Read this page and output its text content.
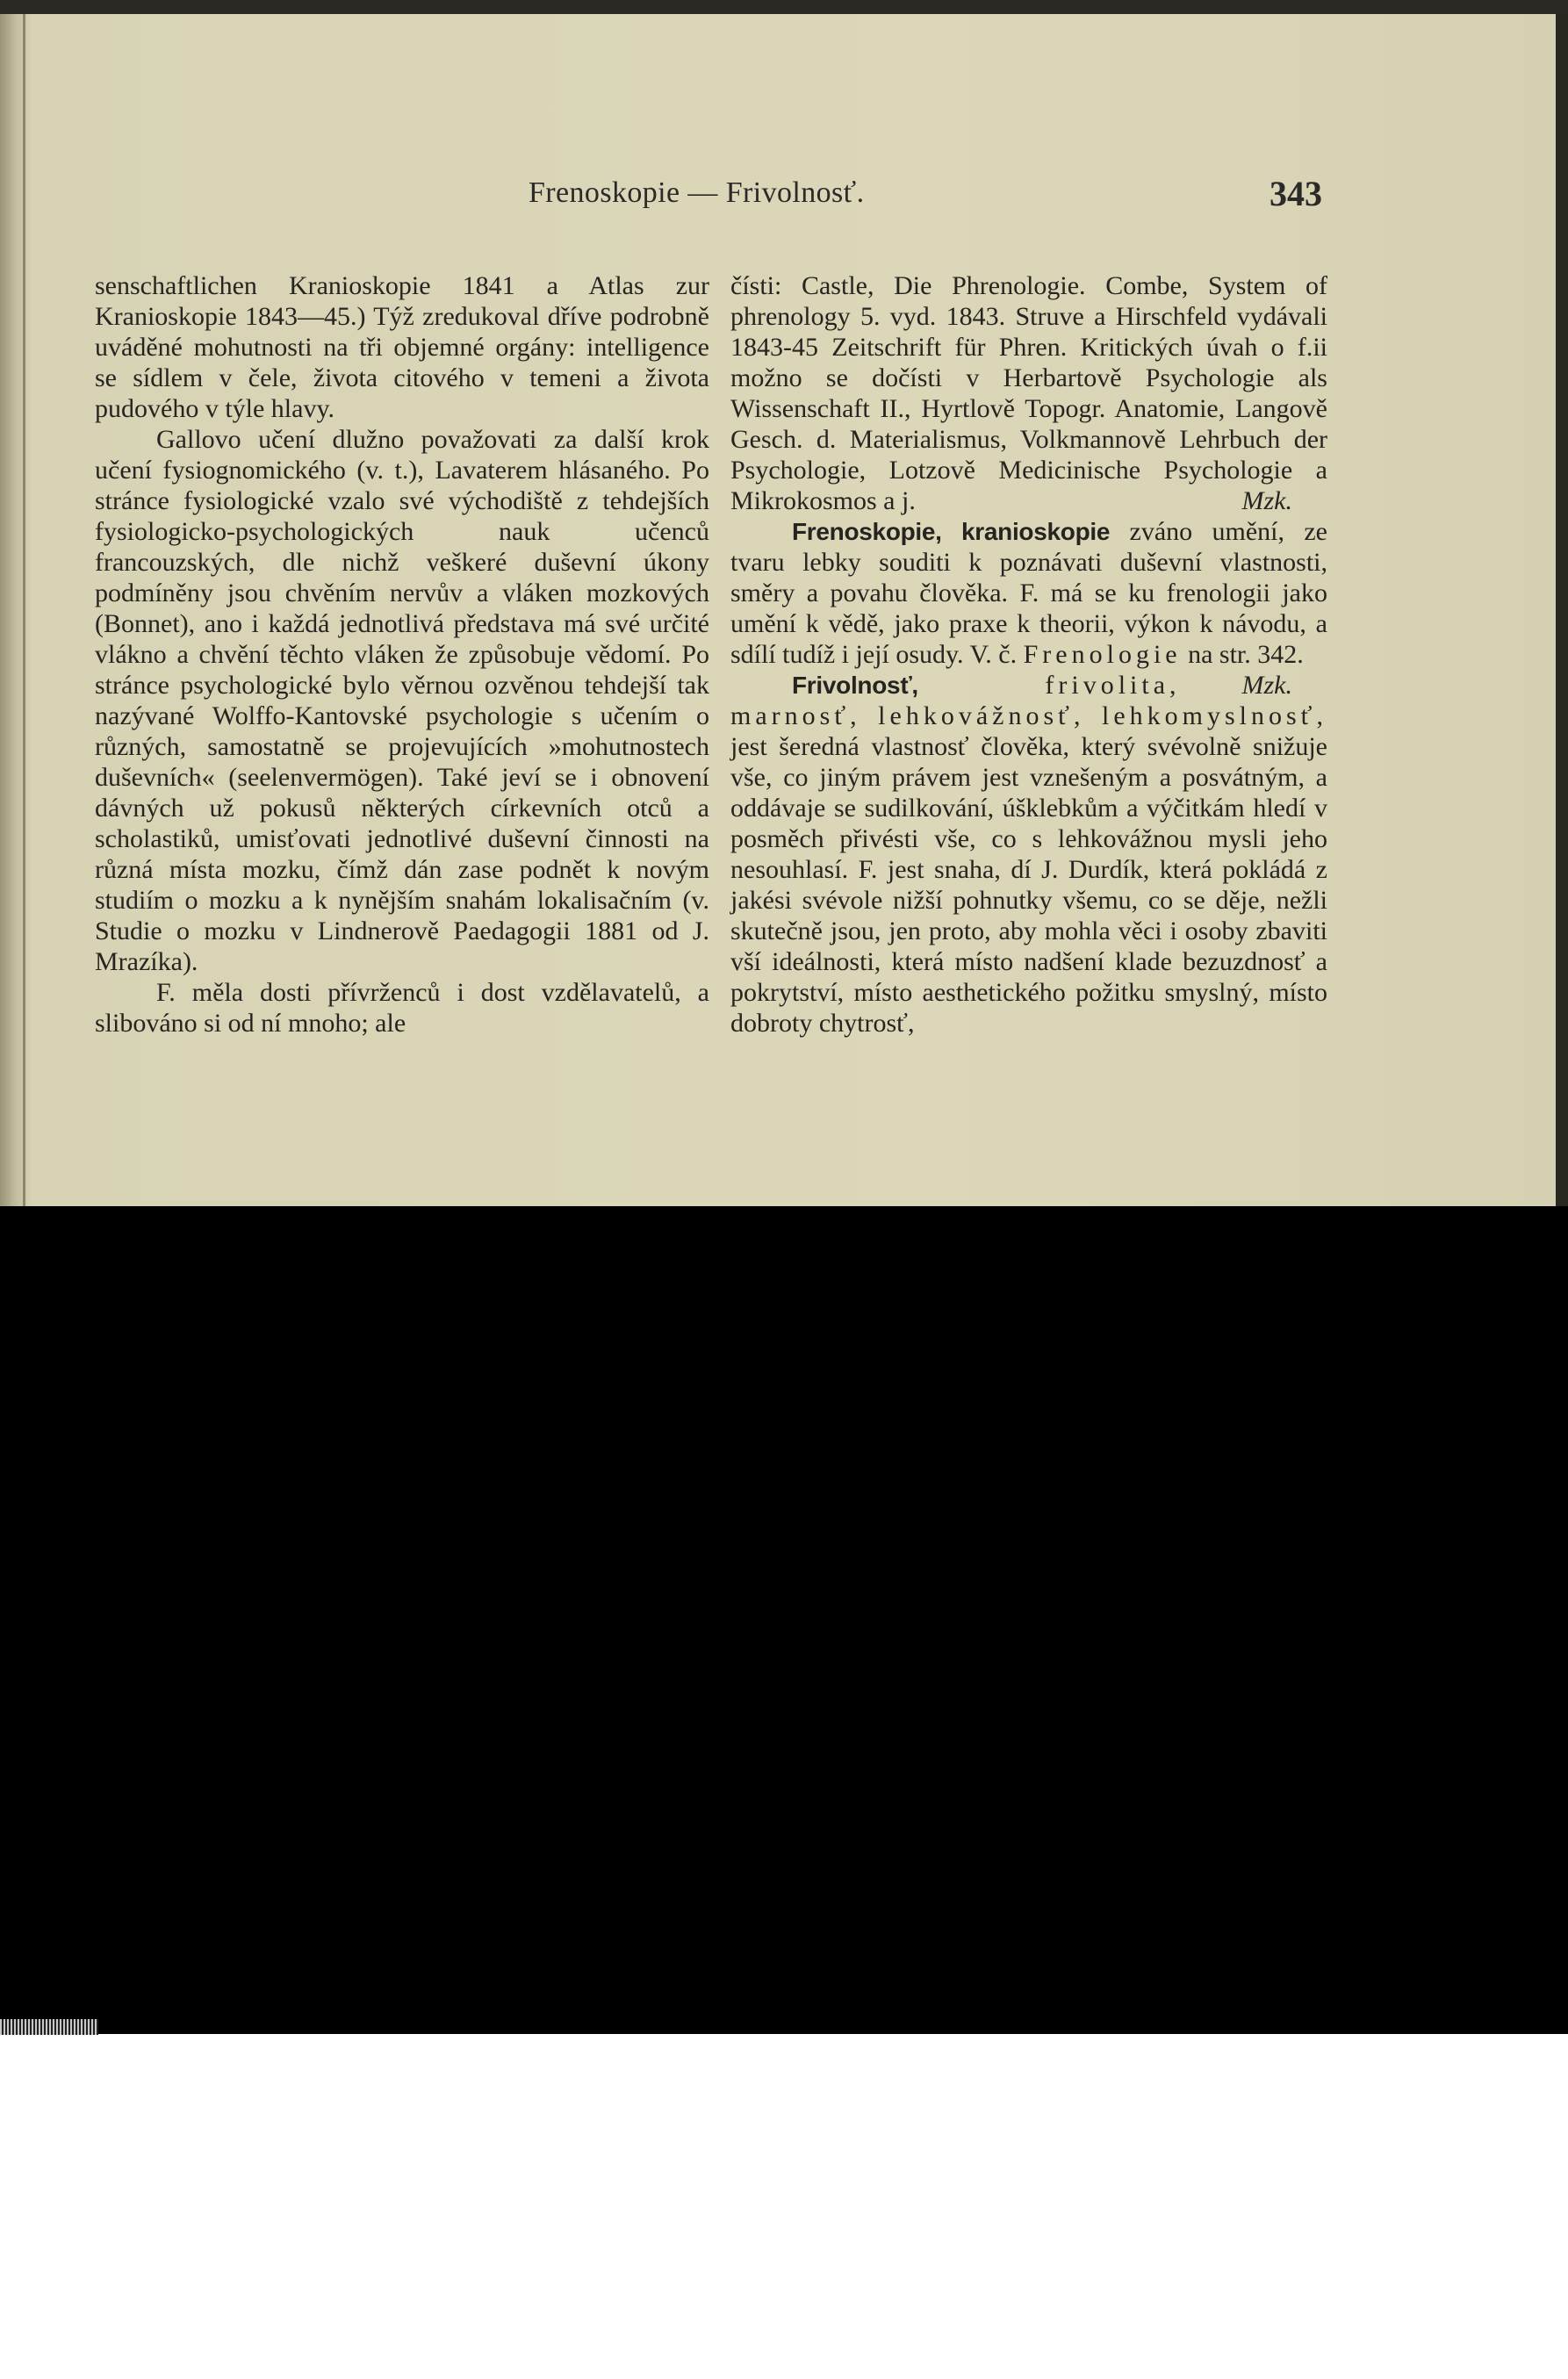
Frenoskopie — Frivolnosť.	343

senschaftlichen Kranioskopie 1841 a Atlas zur Kranioskopie 1843—45.) Týž zredukoval dříve podrobně uváděné mohutnosti na tři objemné orgány: intelligence se sídlem v čele, života citového v temeni a života pudového v týle hlavy.

Gallovo učení dlužno považovati za další krok učení fysiognomického (v. t.), Lavaterem hlásaného. Po stránce fysiologické vzalo své východiště z tehdejších fysiologicko-psychologických nauk učenců francouzských, dle nichž veškeré duševní úkony podmíněny jsou chvěním nervův a vláken mozkových (Bonnet), ano i každá jednotlivá představa má své určité vlákno a chvění těchto vláken že způsobuje vědomí. Po stránce psychologické bylo věrnou ozvěnou tehdejší tak nazývané Wolffo-Kantovské psychologie s učením o různých, samostatně se projevujících »mohutnostech duševních« (seelenvermögen). Také jeví se i obnovení dávných už pokusů některých církevních otců a scholastiků, umisťovati jednotlivé duševní činnosti na různá místa mozku, čímž dán zase podnět k novým studiím o mozku a k nynějším snahám lokalisačním (v. Studie o mozku v Lindnerově Paedagogii 1881 od J. Mrazíka).

F. měla dosti přívrženců i dost vzdělavatelů, a slibováno si od ní mnoho; ale

čísti: Castle, Die Phrenologie. Combe, System of phrenology 5. vyd. 1843. Struve a Hirschfeld vydávali 1843-45 Zeitschrift für Phren. Kritických úvah o f.ii možno se dočísti v Herbartově Psychologie als Wissenschaft II., Hyrtlově Topogr. Anatomie, Langově Gesch. d. Materialismus, Volkmannově Lehrbuch der Psychologie, Lotzově Medicinische Psychologie a Mikrokosmos a j.	Mzk.

Frenoskopie, kranioskopie zváno umění, ze tvaru lebky souditi k poznávati duševní vlastnosti, směry a povahu člověka. F. má se ku frenologii jako umění k vědě, jako praxe k theorii, výkon k návodu, a sdílí tudíž i její osudy. V. č. Frenologie na str. 342.
Mzk.

Frivolnosť,	frivolita, marnosť, lehkovážnosť, lehkomyslnosť, jest šeredná vlastnosť člověka, který svévolně snižuje vše, co jiným právem jest vznešeným a posvátným, a oddávaje se sudilkování, úšklebkům a výčitkám hledí v posměch přivésti vše, co s lehkovážnou mysli jeho nesouhlasí. F. jest snaha, dí J. Durdík, která pokládá z jakési svévole nižší pohnutky všemu, co se děje, nežli skutečně jsou, jen proto, aby mohla věci i osoby zbaviti vší ideálnosti, která místo nadšení klade bezuzdnosť a pokrytství, místo aesthetického požitku smyslný, místo dobroty chytrosť,
